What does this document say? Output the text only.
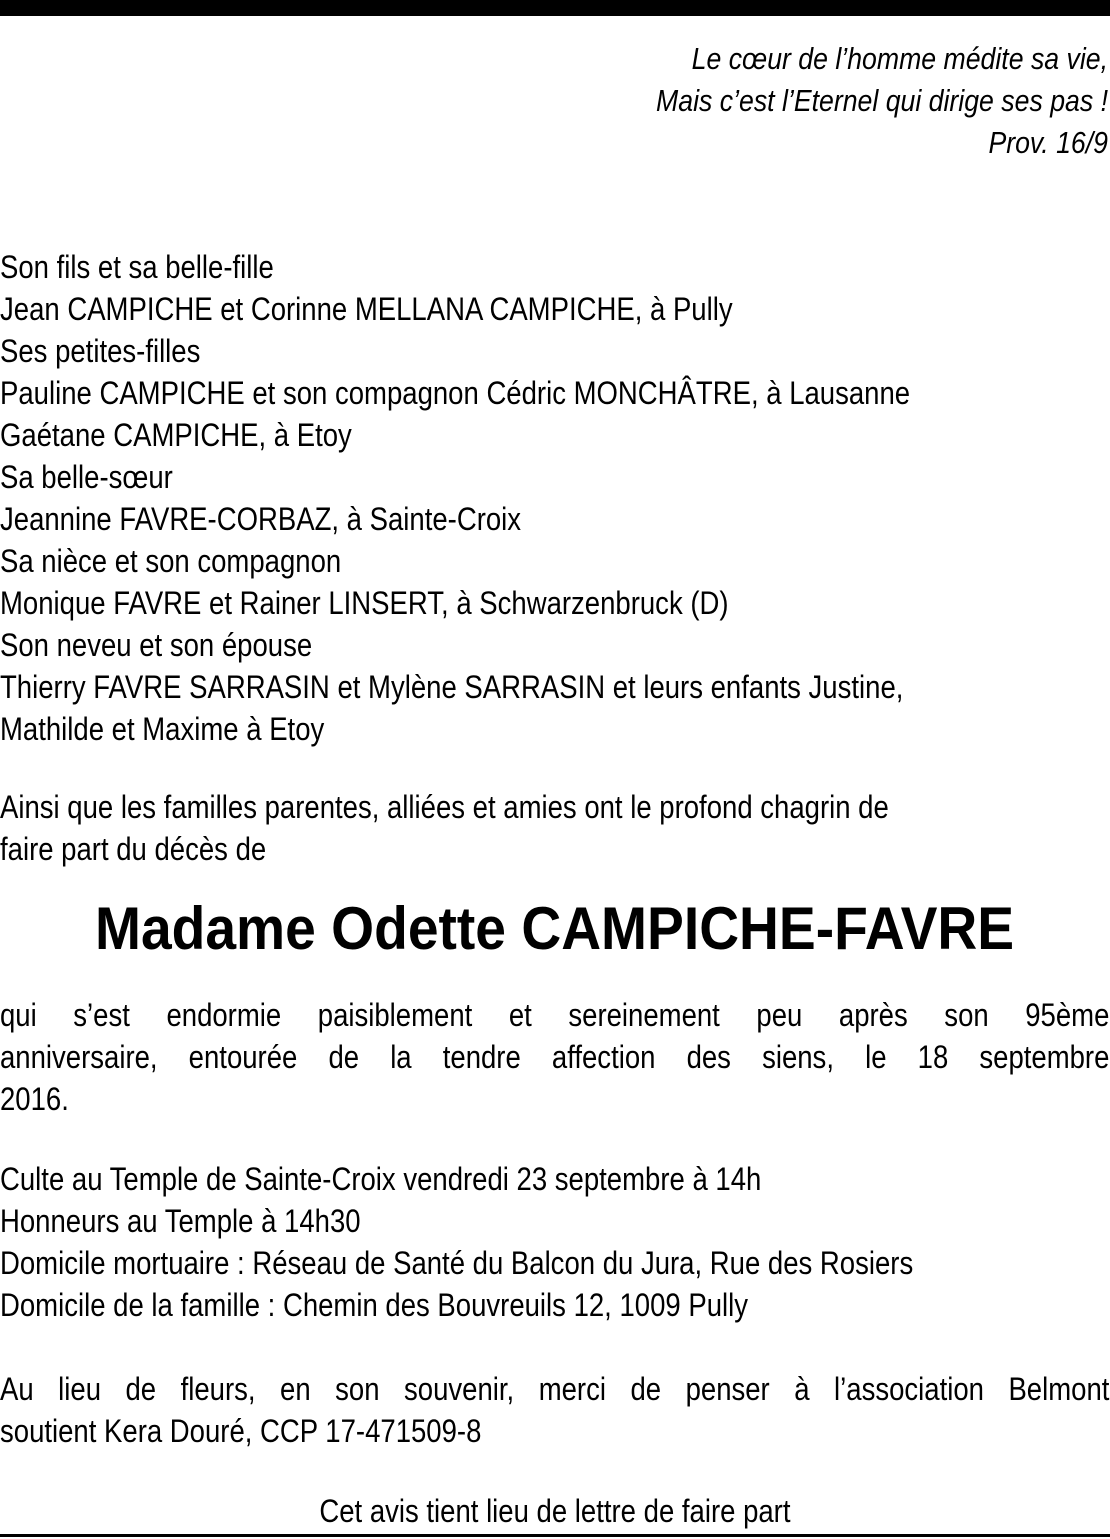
Le cœur de l’homme médite sa vie,
Mais c’est l’Eternel qui dirige ses pas !
Prov. 16/9
Son fils et sa belle-fille
Jean CAMPICHE et Corinne MELLANA CAMPICHE, à Pully
Ses petites-filles
Pauline CAMPICHE et son compagnon Cédric MONCHÂTRE, à Lausanne
Gaétane CAMPICHE, à Etoy
Sa belle-sœur
Jeannine FAVRE-CORBAZ, à Sainte-Croix
Sa nièce et son compagnon
Monique FAVRE et Rainer LINSERT, à Schwarzenbruck (D)
Son neveu et son épouse
Thierry FAVRE SARRASIN et Mylène SARRASIN et leurs enfants Justine,
Mathilde et Maxime à Etoy
Ainsi que les familles parentes, alliées et amies ont le profond chagrin de
faire part du décès de
Madame Odette CAMPICHE-FAVRE
qui s’est endormie paisiblement et sereinement peu après son 95ème
anniversaire, entourée de la tendre affection des siens, le 18 septembre
2016.
Culte au Temple de Sainte-Croix vendredi 23 septembre à 14h
Honneurs au Temple à 14h30
Domicile mortuaire : Réseau de Santé du Balcon du Jura, Rue des Rosiers
Domicile de la famille : Chemin des Bouvreuils 12, 1009 Pully
Au lieu de fleurs, en son souvenir, merci de penser à l’association Belmont
soutient Kera Douré, CCP 17-471509-8
Cet avis tient lieu de lettre de faire part
